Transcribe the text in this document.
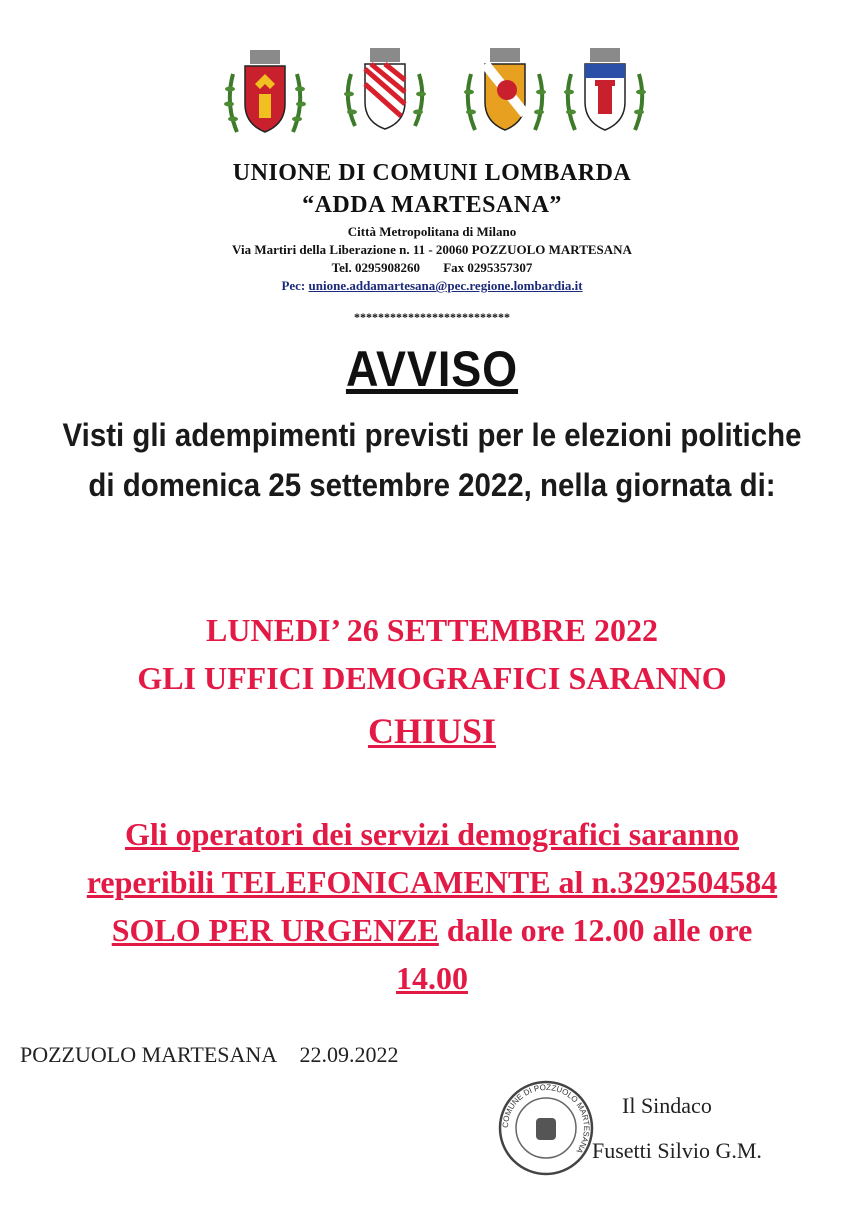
UNIONE DI COMUNI LOMBARDA
“ADDA MARTESANA”
Città Metropolitana di Milano
Via Martiri della Liberazione n. 11 - 20060 POZZUOLO MARTESANA
Tel. 0295908260 Fax 0295357307
Pec: unione.addamartesana@pec.regione.lombardia.it
**************************
AVVISO
Visti gli adempimenti previsti per le elezioni politiche di domenica 25 settembre 2022, nella giornata di:
LUNEDI’ 26 SETTEMBRE 2022
GLI UFFICI DEMOGRAFICI SARANNO
CHIUSI
Gli operatori dei servizi demografici saranno
reperibili TELEFONICAMENTE al n.3292504584
SOLO PER URGENZE dalle ore 12.00 alle ore
14.00
POZZUOLO MARTESANA 22.09.2022
COMUNE DI POZZUOLO MARTESANA
Il Sindaco
Fusetti Silvio G.M.
